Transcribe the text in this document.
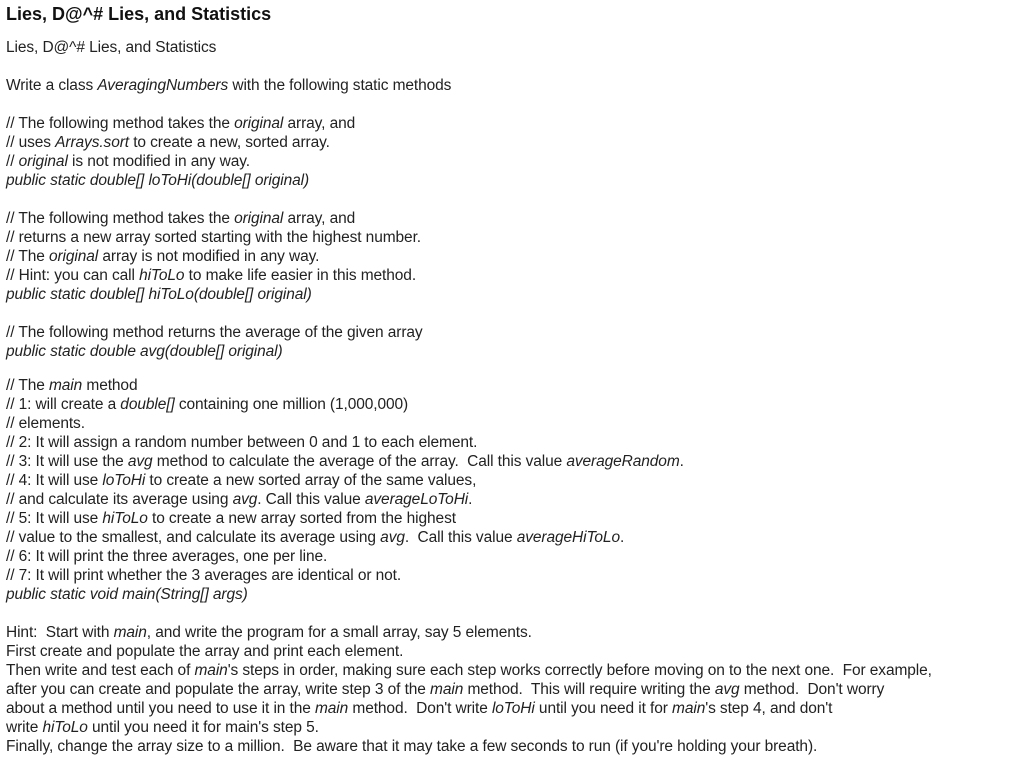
Lies, D@^# Lies, and Statistics
Lies, D@^# Lies, and Statistics
Write a class AveragingNumbers with the following static methods
// The following method takes the original array, and
// uses Arrays.sort to create a new, sorted array.
// original is not modified in any way.
public static double[] loToHi(double[] original)
// The following method takes the original array, and
// returns a new array sorted starting with the highest number.
// The original array is not modified in any way.
// Hint: you can call hiToLo to make life easier in this method.
public static double[] hiToLo(double[] original)
// The following method returns the average of the given array
public static double avg(double[] original)
// The main method
// 1: will create a double[] containing one million (1,000,000)
// elements.
// 2: It will assign a random number between 0 and 1 to each element.
// 3: It will use the avg method to calculate the average of the array.  Call this value averageRandom.
// 4: It will use loToHi to create a new sorted array of the same values,
// and calculate its average using avg. Call this value averageLoToHi.
// 5: It will use hiToLo to create a new array sorted from the highest
// value to the smallest, and calculate its average using avg.  Call this value averageHiToLo.
// 6: It will print the three averages, one per line.
// 7: It will print whether the 3 averages are identical or not.
public static void main(String[] args)
Hint:  Start with main, and write the program for a small array, say 5 elements.
First create and populate the array and print each element.
Then write and test each of main's steps in order, making sure each step works correctly before moving on to the next one.  For example,
after you can create and populate the array, write step 3 of the main method.  This will require writing the avg method.  Don't worry
about a method until you need to use it in the main method.  Don't write loToHi until you need it for main's step 4, and don't
write hiToLo until you need it for main's step 5.
Finally, change the array size to a million.  Be aware that it may take a few seconds to run (if you're holding your breath).
